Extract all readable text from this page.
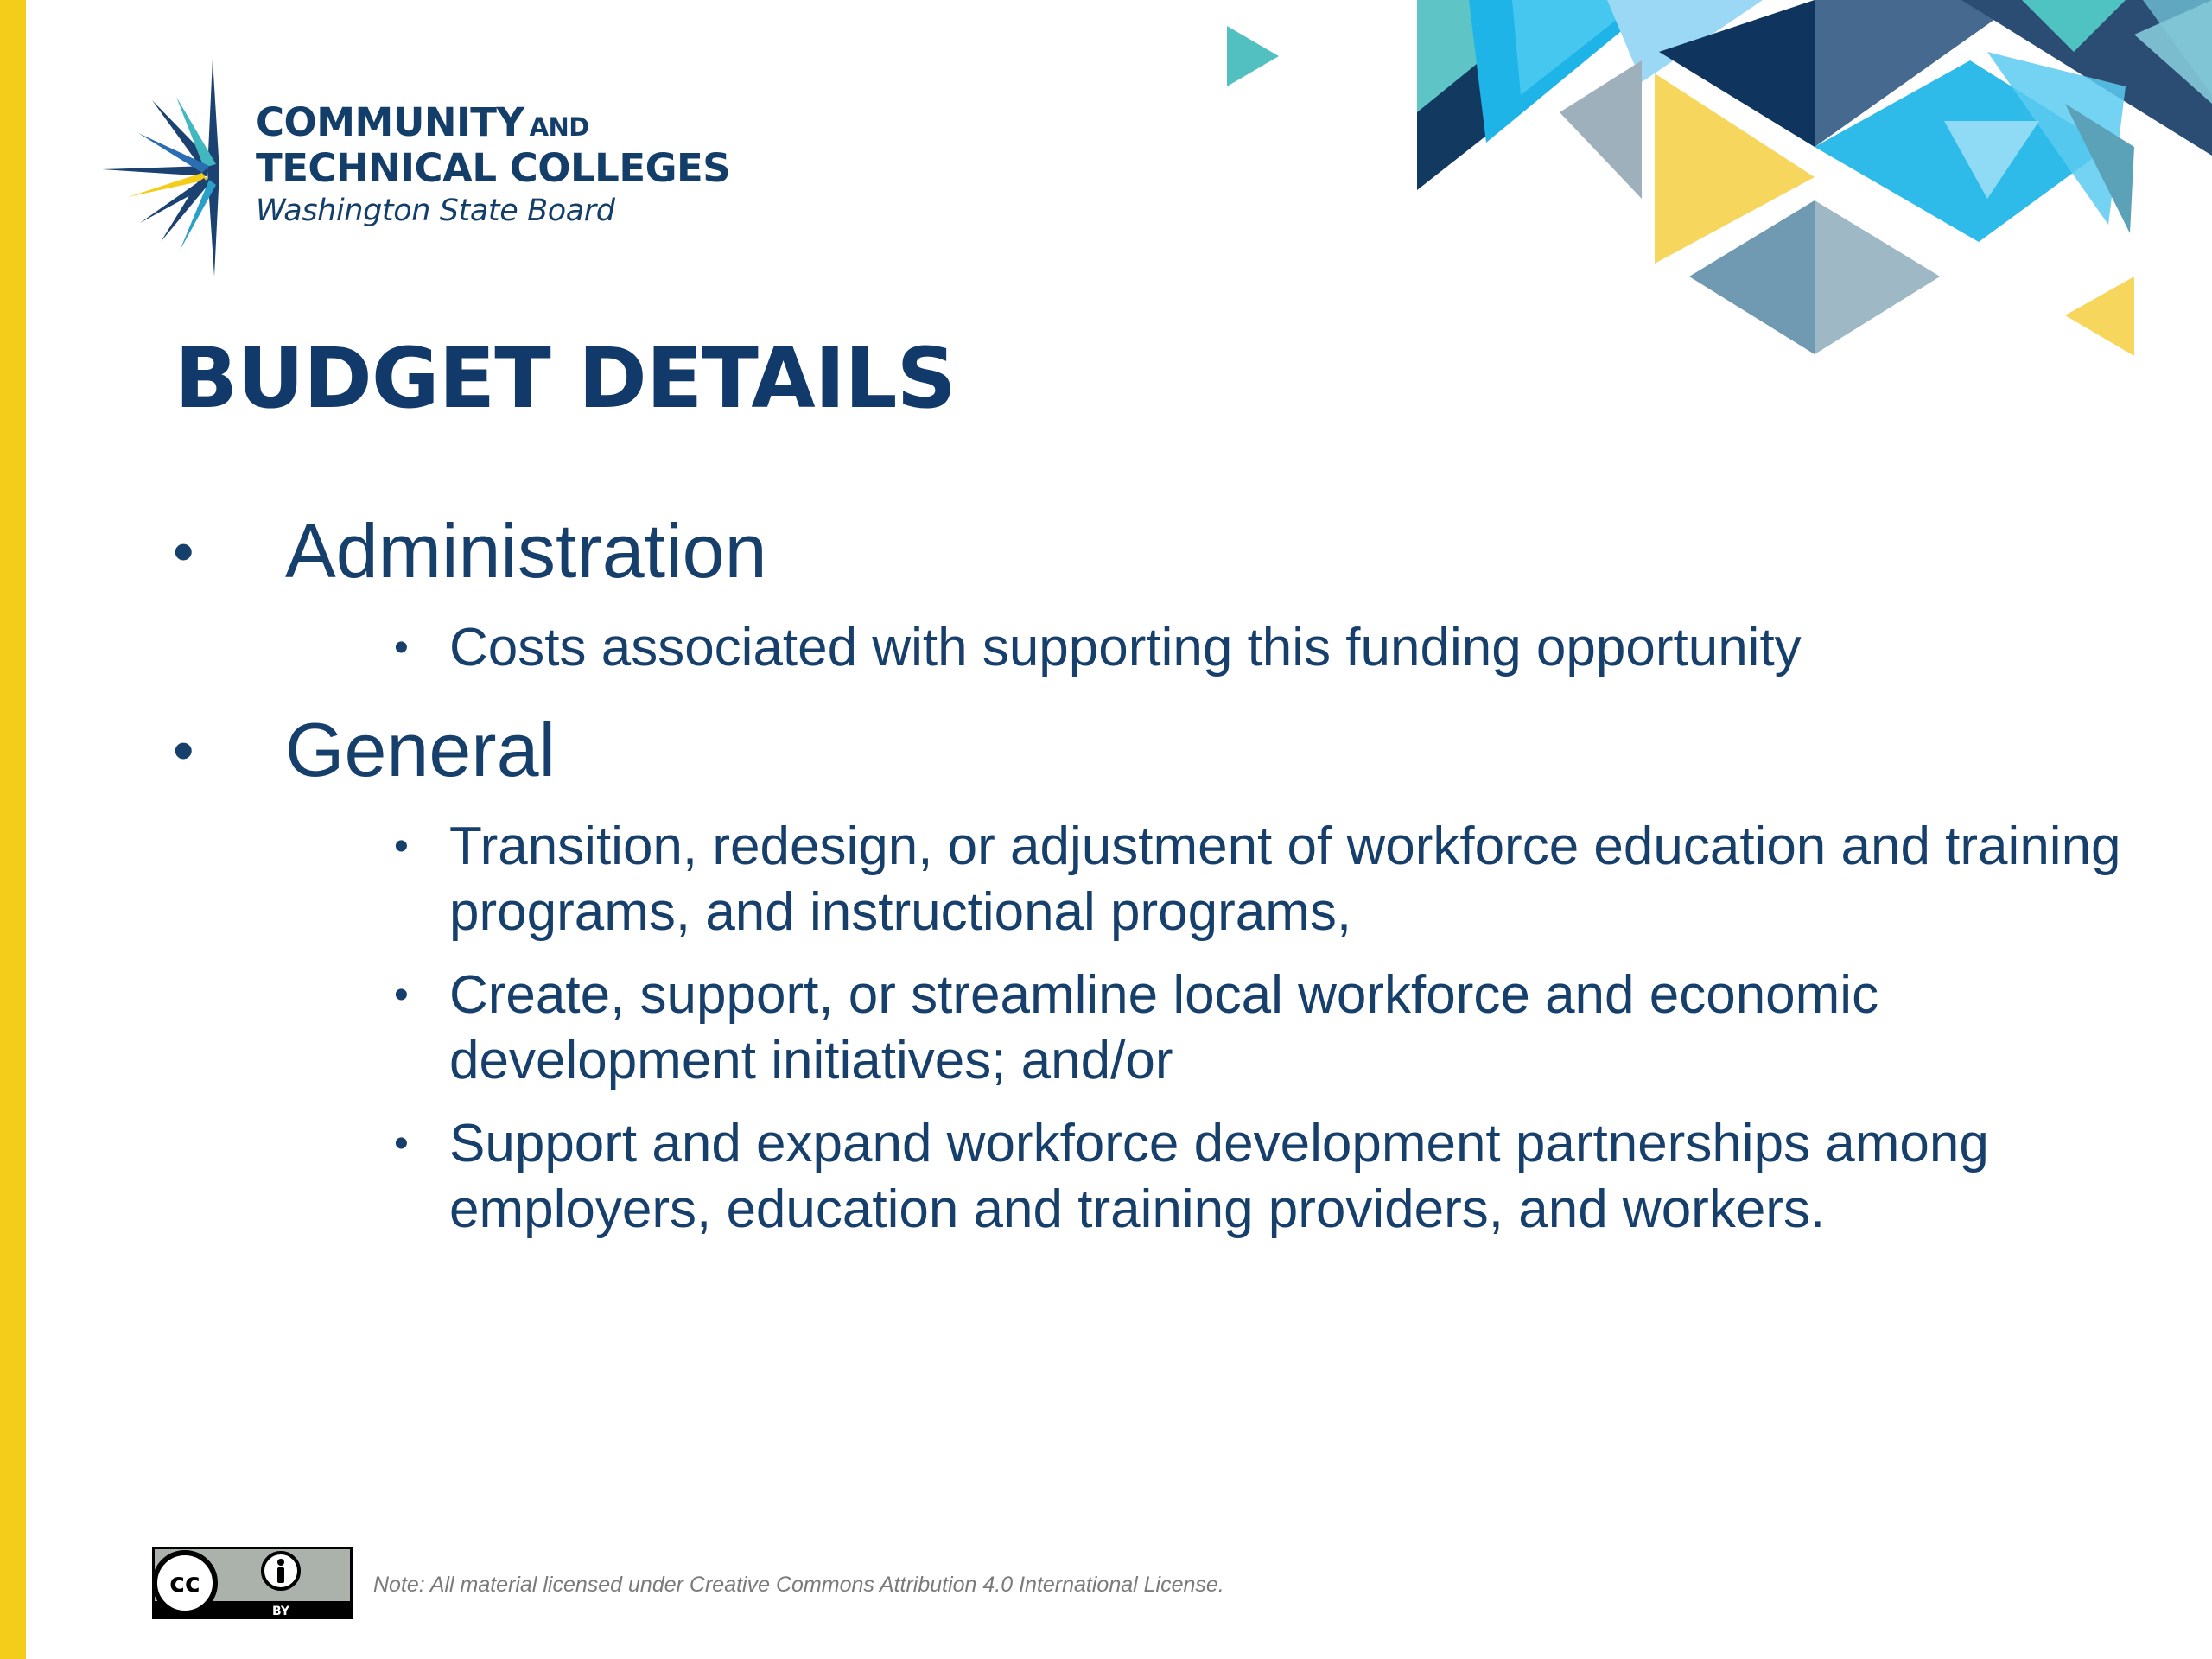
COMMUNITY AND
TECHNICAL COLLEGES
Washington State Board
BUDGET DETAILS
• Administration
• Costs associated with supporting this funding opportunity
• General
• Transition, redesign, or adjustment of workforce education and training programs, and instructional programs,
• Create, support, or streamline local workforce and economic development initiatives; and/or
• Support and expand workforce development partnerships among employers, education and training providers, and workers.
cc
BY
Note: All material licensed under Creative Commons Attribution 4.0 International License.
